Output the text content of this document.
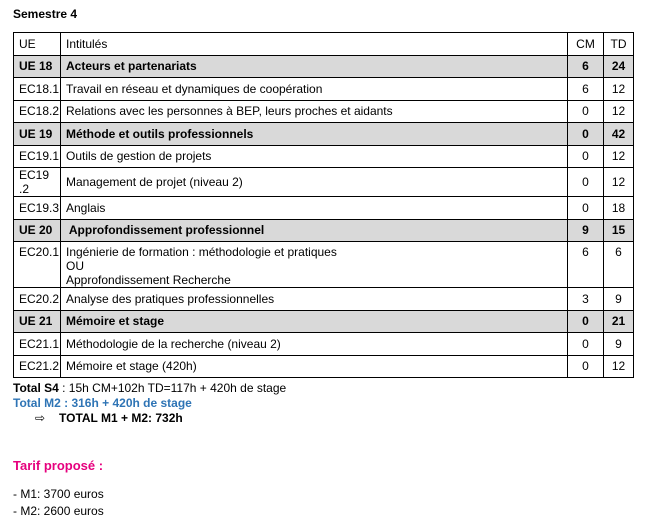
Semestre 4
UE	Intitulés	CM	TD
UE 18	Acteurs et partenariats	6	24
EC18.1	Travail en réseau et dynamiques de coopération	6	12
EC18.2	Relations avec les personnes à BEP, leurs proches et aidants	0	12
UE 19	Méthode et outils professionnels	0	42
EC19.1	Outils de gestion de projets	0	12
EC19 .2	Management de projet (niveau 2)	0	12
EC19.3	Anglais	0	18
UE 20	Approfondissement professionnel	9	15
EC20.1	Ingénierie de formation : méthodologie et pratiques
OU
Approfondissement Recherche	6	6
EC20.2	Analyse des pratiques professionnelles	3	9
UE 21	Mémoire et stage	0	21
EC21.1	Méthodologie de la recherche (niveau 2)	0	9
EC21.2	Mémoire et stage (420h)	0	12
Total S4 : 15h CM+102h TD=117h + 420h de stage
Total M2 : 316h + 420h de stage
⇨ TOTAL M1 + M2: 732h
Tarif proposé :
- M1: 3700 euros
- M2: 2600 euros
